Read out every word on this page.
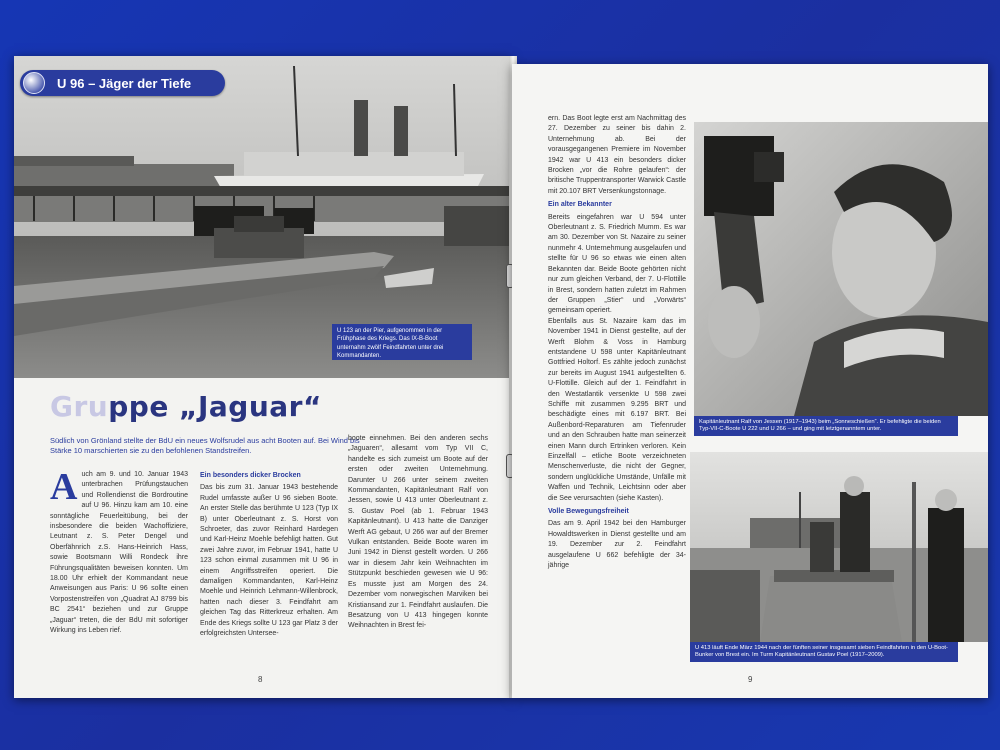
U 96 – Jäger der Tiefe
U 123 an der Pier, aufgenommen in der Frühphase des Kriegs. Das IX-B-Boot unternahm zwölf Feindfahrten unter drei Kommandanten.
Gruppe „Jaguar“
Südlich von Grönland stellte der BdU ein neues Wolfsrudel aus acht Booten auf. Bei Wind bis Stärke 10 marschierten sie zu den befohlenen Standstreifen.
A uch am 9. und 10. Januar 1943 unterbrachen Prüfungstauchen und Rollendienst die Bordroutine auf U 96. Hinzu kam am 10. eine sonntägliche Feuerleitübung, bei der insbesondere die beiden Wachoffiziere, Leutnant z. S. Peter Dengel und Oberfähnrich z.S. Hans-Heinrich Hass, sowie Bootsmann Willi Rondeck ihre Führungsqualitäten beweisen konnten. Um 18.00 Uhr erhielt der Kommandant neue Anweisungen aus Paris: U 96 sollte einen Vorpostenstreifen von „Quadrat AJ 8799 bis BC 2541“ beziehen und zur Gruppe „Jaguar“ treten, die der BdU mit sofortiger Wirkung ins Leben rief.

Ein besonders dicker Brocken

Das bis zum 31. Januar 1943 bestehende Rudel umfasste außer U 96 sieben Boote. An erster Stelle das berühmte U 123 (Typ IX B) unter Oberleutnant z. S. Horst von Schroeter, das zuvor Reinhard Hardegen und Karl-Heinz Moehle befehligt hatten. Gut zwei Jahre zuvor, im Februar 1941, hatte U 123 schon einmal zusammen mit U 96 in einem Angriffsstreifen operiert. Die damaligen Kommandanten, Karl-Heinz Moehle und Heinrich Lehmann-Willenbrock, hatten nach dieser 3. Feindfahrt am gleichen Tag das Ritterkreuz erhalten. Am Ende des Kriegs sollte U 123 gar Platz 3 der erfolgreichsten Untersee-

boote einnehmen. Bei den anderen sechs „Jaguaren“, allesamt vom Typ VII C, handelte es sich zumeist um Boote auf der ersten oder zweiten Unternehmung. Darunter U 266 unter seinem zweiten Kommandanten, Kapitänleutnant Ralf von Jessen, sowie U 413 unter Oberleutnant z. S. Gustav Poel (ab 1. Februar 1943 Kapitänleutnant). U 413 hatte die Danziger Werft AG gebaut, U 266 war auf der Bremer Vulkan entstanden. Beide Boote waren im Juni 1942 in Dienst gestellt worden. U 266 war in diesem Jahr kein Weihnachten im Stützpunkt beschieden gewesen wie U 96: Es musste just am Morgen des 24. Dezember vom norwegischen Marviken bei Kristiansand zur 1. Feindfahrt auslaufen. Die Besatzung von U 413 hingegen konnte Weihnachten in Brest fei-

8

ern. Das Boot legte erst am Nachmittag des 27. Dezember zu seiner bis dahin 2. Unternehmung ab. Bei der vorausgegangenen Premiere im November 1942 war U 413 ein besonders dicker Brocken „vor die Rohre gelaufen“: der britische Truppentransporter Warwick Castle mit 20.107 BRT Versenkungstonnage.

Ein alter Bekannter

Bereits eingefahren war U 594 unter Oberleutnant z. S. Friedrich Mumm. Es war am 30. Dezember von St. Nazaire zu seiner nunmehr 4. Unternehmung ausgelaufen und stellte für U 96 so etwas wie einen alten Bekannten dar. Beide Boote gehörten nicht nur zum gleichen Verband, der 7. U-Flottille in Brest, sondern hatten zuletzt im Rahmen der Gruppen „Stier“ und „Vorwärts“ gemeinsam operiert.

Ebenfalls aus St. Nazaire kam das im November 1941 in Dienst gestellte, auf der Werft Blohm & Voss in Hamburg entstandene U 598 unter Kapitänleutnant Gottfried Holtorf. Es zählte jedoch zunächst zur bereits im August 1941 aufgestellten 6. U-Flottille. Gleich auf der 1. Feindfahrt in den Westatlantik versenkte U 598 zwei Schiffe mit zusammen 9.295 BRT und beschädigte eines mit 6.197 BRT. Bei Außenbord-Reparaturen am Tiefenruder und an den Schrauben hatte man seinerzeit einen Mann durch Ertrinken verloren. Kein Einzelfall – etliche Boote verzeichneten Menschenverluste, die nicht der Gegner, sondern unglückliche Umstände, Unfälle mit Waffen und Technik, Leichtsinn oder aber die See verursachten (siehe Kasten).

Volle Bewegungsfreiheit

Das am 9. April 1942 bei den Hamburger Howaldtswerken in Dienst gestellte und am 19. Dezember zur 2. Feindfahrt ausgelaufene U 662 befehligte der 34-jährige

Kapitänleutnant Ralf von Jessen (1917–1943) beim „Sonneschießen“. Er befehligte die beiden Typ-VII-C-Boote U 222 und U 266 – und ging mit letztgenanntem unter.
U 413 läuft Ende März 1944 nach der fünften seiner insgesamt sieben Feindfahrten in den U-Boot-Bunker von Brest ein. Im Turm Kapitänleutnant Gustav Poel (1917–2009).
9
